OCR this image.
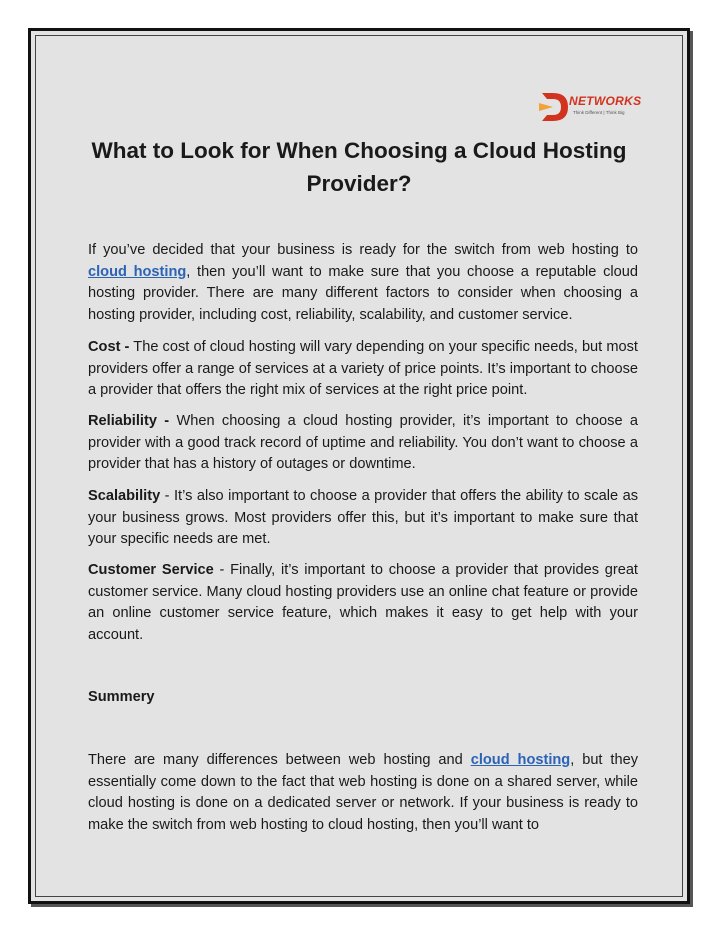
NETWORKS
Think Different | Think Big
What to Look for When Choosing a Cloud Hosting Provider?

If you’ve decided that your business is ready for the switch from web hosting to cloud hosting, then you’ll want to make sure that you choose a reputable cloud hosting provider. There are many different factors to consider when choosing a hosting provider, including cost, reliability, scalability, and customer service.

Cost - The cost of cloud hosting will vary depending on your specific needs, but most providers offer a range of services at a variety of price points. It’s important to choose a provider that offers the right mix of services at the right price point.

Reliability - When choosing a cloud hosting provider, it’s important to choose a provider with a good track record of uptime and reliability. You don’t want to choose a provider that has a history of outages or downtime.

Scalability - It’s also important to choose a provider that offers the ability to scale as your business grows. Most providers offer this, but it’s important to make sure that your specific needs are met.

Customer Service - Finally, it’s important to choose a provider that provides great customer service. Many cloud hosting providers use an online chat feature or provide an online customer service feature, which makes it easy to get help with your account.

Summery

There are many differences between web hosting and cloud hosting, but they essentially come down to the fact that web hosting is done on a shared server, while cloud hosting is done on a dedicated server or network. If your business is ready to make the switch from web hosting to cloud hosting, then you’ll want to
